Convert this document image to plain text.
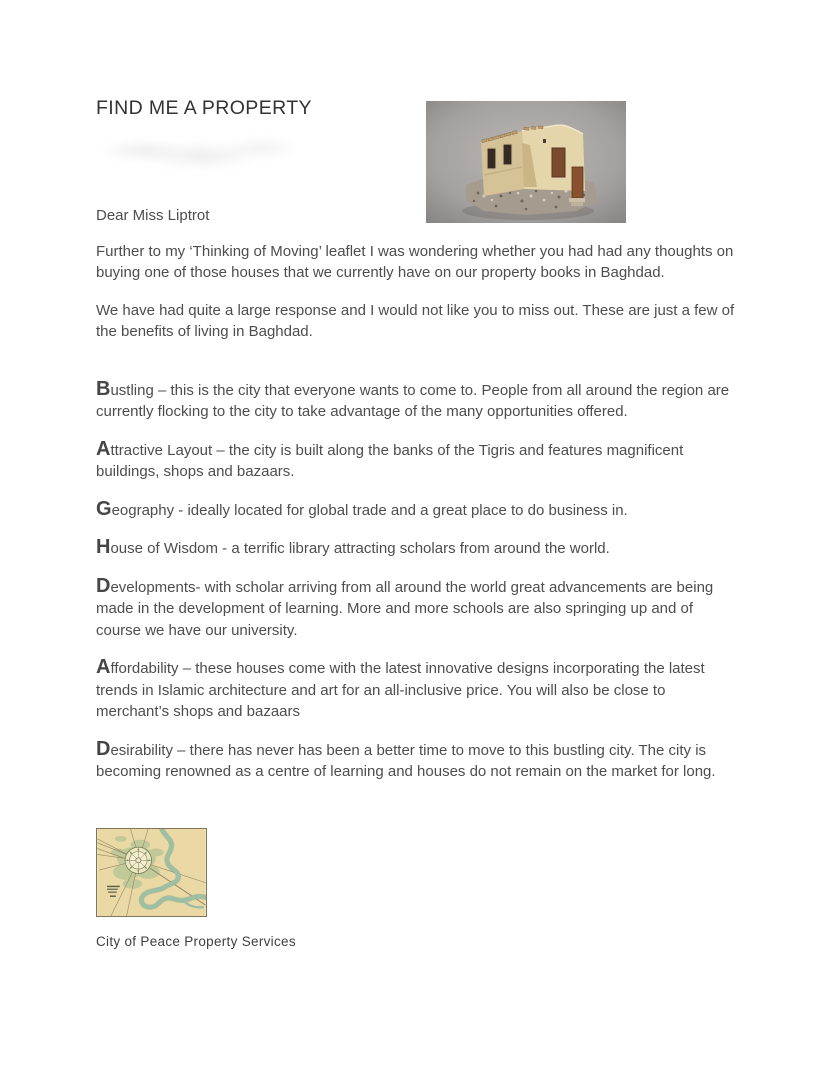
FIND ME A PROPERTY

Dear Miss Liptrot

Further to my ‘Thinking of Moving’ leaflet I was wondering whether you had had any thoughts on buying one of those houses that we currently have on our property books in Baghdad.

We have had quite a large response and I would not like you to miss out. These are just a few of the benefits of living in Baghdad.

Bustling – this is the city that everyone wants to come to. People from all around the region are currently flocking to the city to take advantage of the many opportunities offered.

Attractive Layout – the city is built along the banks of the Tigris and features magnificent buildings, shops and bazaars.

Geography - ideally located for global trade and a great place to do business in.

House of Wisdom - a terrific library attracting scholars from around the world.

Developments- with scholar arriving from all around the world great advancements are being made in the development of learning. More and more schools are also springing up and of course we have our university.

Affordability – these houses come with the latest innovative designs incorporating the latest trends in Islamic architecture and art for an all-inclusive price. You will also be close to merchant’s shops and bazaars

Desirability – there has never has been a better time to move to this bustling city. The city is becoming renowned as a centre of learning and houses do not remain on the market for long.

City of Peace Property Services
